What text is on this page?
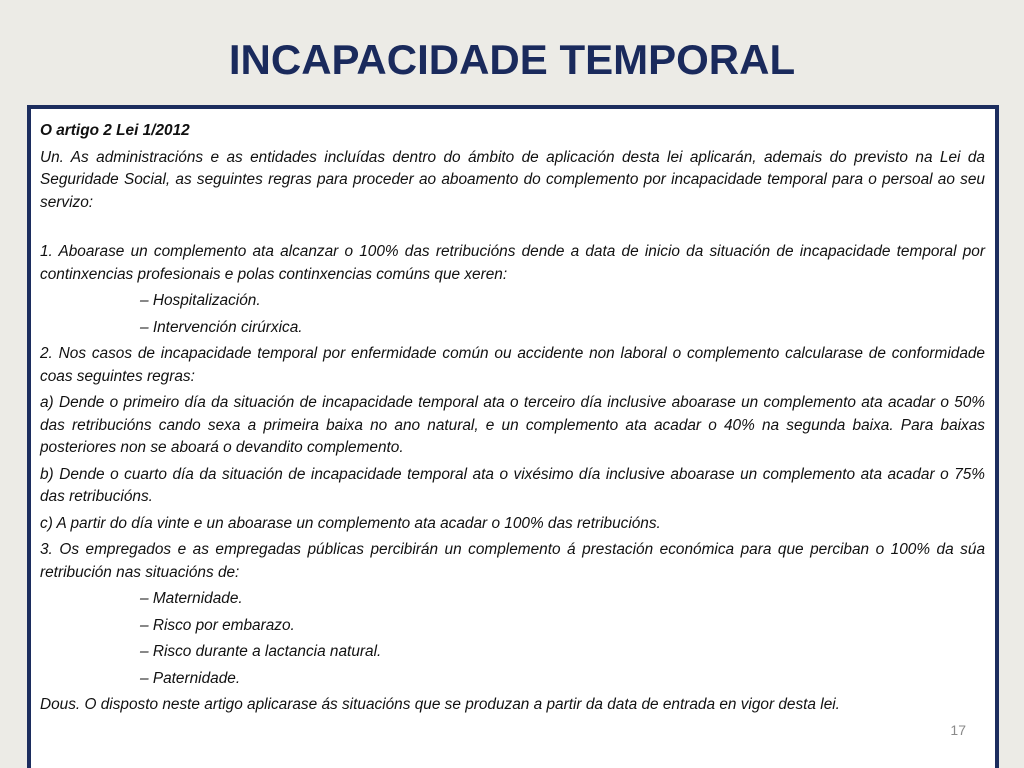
INCAPACIDADE TEMPORAL

O artigo 2 Lei 1/2012

Un. As administracións e as entidades incluídas dentro do ámbito de aplicación desta lei aplicarán, ademais do previsto na Lei da Seguridade Social, as seguintes regras para proceder ao aboamento do complemento por incapacidade temporal para o persoal ao seu servizo:

1. Aboarase un complemento ata alcanzar o 100% das retribucións dende a data de inicio da situación de incapacidade temporal por continxencias profesionais e polas continxencias comúns que xeren:

– Hospitalización.

– Intervención cirúrxica.

2. Nos casos de incapacidade temporal por enfermidade común ou accidente non laboral o complemento calcularase de conformidade coas seguintes regras:

a) Dende o primeiro día da situación de incapacidade temporal ata o terceiro día inclusive aboarase un complemento ata acadar o 50% das retribucións cando sexa a primeira baixa no ano natural, e un complemento ata acadar o 40% na segunda baixa. Para baixas posteriores non se aboará o devandito complemento.

b) Dende o cuarto día da situación de incapacidade temporal ata o vixésimo día inclusive aboarase un complemento ata acadar o 75% das retribucións.

c) A partir do día vinte e un aboarase un complemento ata acadar o 100% das retribucións.

3. Os empregados e as empregadas públicas percibirán un complemento á prestación económica para que perciban o 100% da súa retribución nas situacións de:

– Maternidade.

– Risco por embarazo.

– Risco durante a lactancia natural.

– Paternidade.

Dous. O disposto neste artigo aplicarase ás situacións que se produzan a partir da data de entrada en vigor desta lei.

17
